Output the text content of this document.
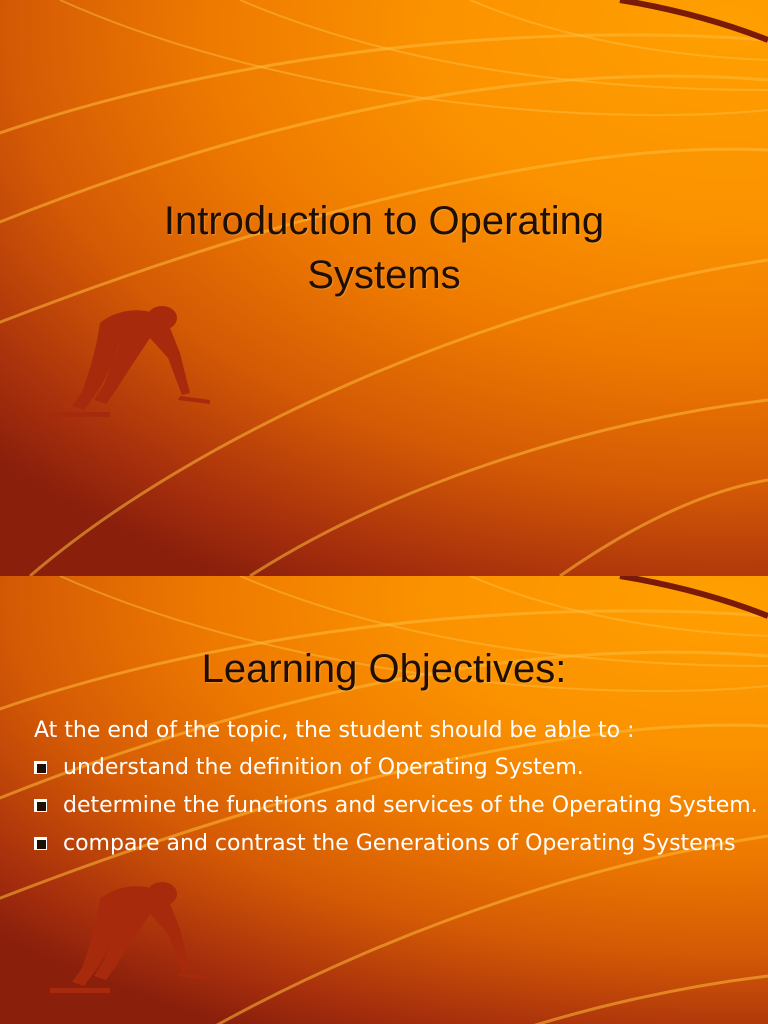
Introduction to Operating
Systems
Learning Objectives:

At the end of the topic, the student should be able to :

understand the definition of Operating System.
determine the functions and services of the Operating System.
compare and contrast the Generations of Operating Systems
